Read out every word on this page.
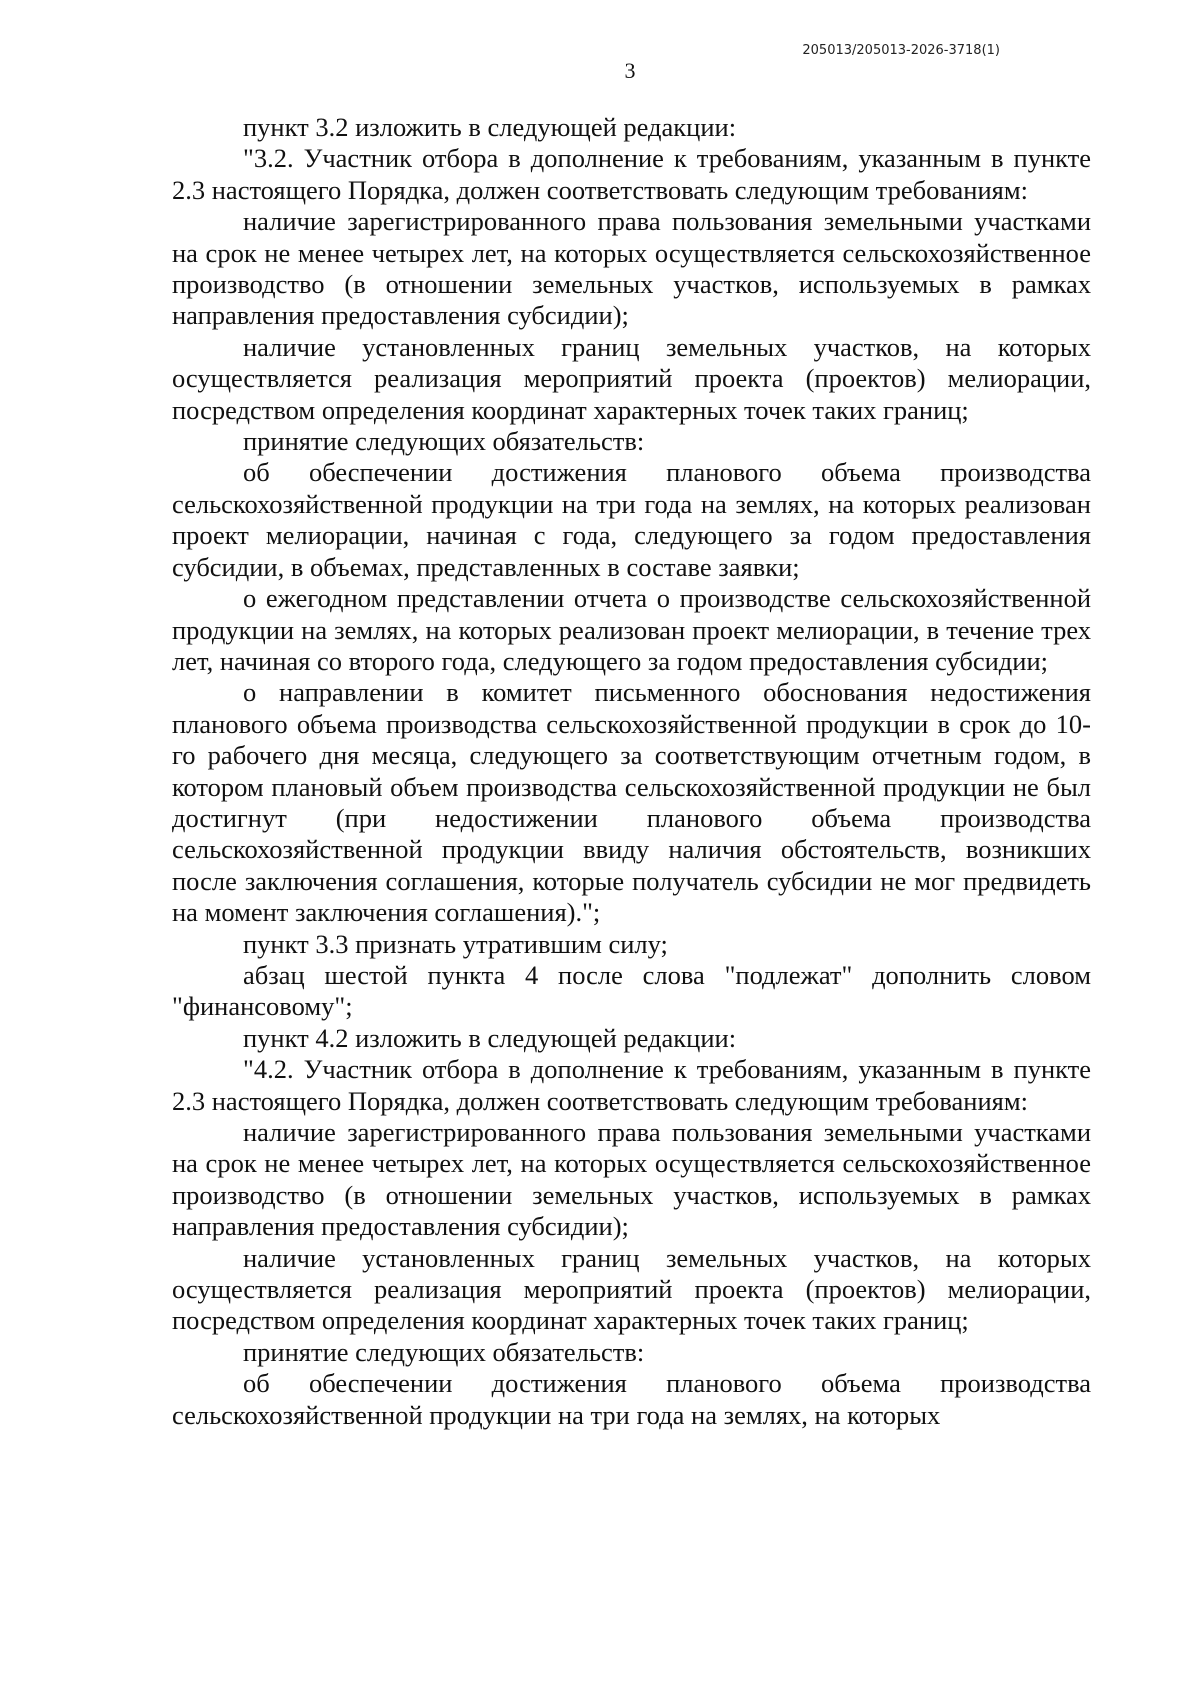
205013/205013-2026-3718(1)
3

пункт 3.2 изложить в следующей редакции:

"3.2. Участник отбора в дополнение к требованиям, указанным в пункте 2.3 настоящего Порядка, должен соответствовать следующим требованиям:

наличие зарегистрированного права пользования земельными участками на срок не менее четырех лет, на которых осуществляется сельскохозяйственное производство (в отношении земельных участков, используемых в рамках направления предоставления субсидии);

наличие установленных границ земельных участков, на которых осуществляется реализация мероприятий проекта (проектов) мелиорации, посредством определения координат характерных точек таких границ;

принятие следующих обязательств:

об обеспечении достижения планового объема производства сельскохозяйственной продукции на три года на землях, на которых реализован проект мелиорации, начиная с года, следующего за годом предоставления субсидии, в объемах, представленных в составе заявки;

о ежегодном представлении отчета о производстве сельскохозяйственной продукции на землях, на которых реализован проект мелиорации, в течение трех лет, начиная со второго года, следующего за годом предоставления субсидии;

о направлении в комитет письменного обоснования недостижения планового объема производства сельскохозяйственной продукции в срок до 10-го рабочего дня месяца, следующего за соответствующим отчетным годом, в котором плановый объем производства сельскохозяйственной продукции не был достигнут (при недостижении планового объема производства сельскохозяйственной продукции ввиду наличия обстоятельств, возникших после заключения соглашения, которые получатель субсидии не мог предвидеть на момент заключения соглашения).";

пункт 3.3 признать утратившим силу;

абзац шестой пункта 4 после слова "подлежат" дополнить словом "финансовому";

пункт 4.2 изложить в следующей редакции:

"4.2. Участник отбора в дополнение к требованиям, указанным в пункте 2.3 настоящего Порядка, должен соответствовать следующим требованиям:

наличие зарегистрированного права пользования земельными участками на срок не менее четырех лет, на которых осуществляется сельскохозяйственное производство (в отношении земельных участков, используемых в рамках направления предоставления субсидии);

наличие установленных границ земельных участков, на которых осуществляется реализация мероприятий проекта (проектов) мелиорации, посредством определения координат характерных точек таких границ;

принятие следующих обязательств:

об обеспечении достижения планового объема производства сельскохозяйственной продукции на три года на землях, на которых
